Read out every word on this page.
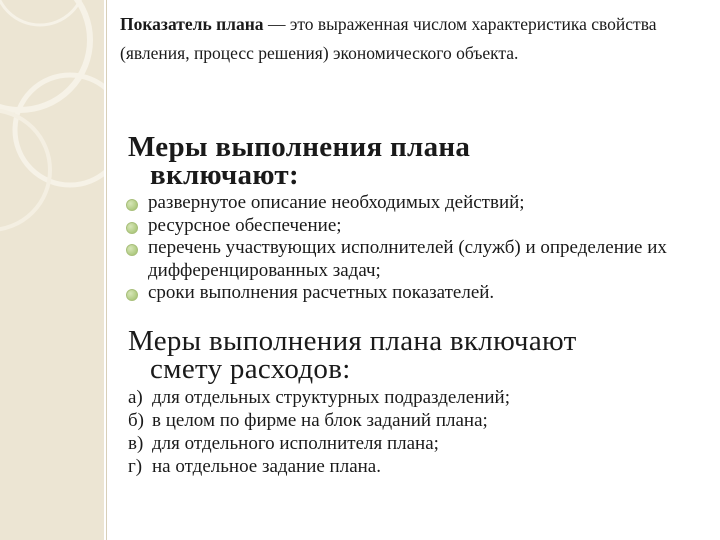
Показатель плана — это выраженная числом характеристика свойства (явления, процесс решения) экономического объекта.
Меры выполнения плана
включают:
развернутое описание необходимых действий;
ресурсное обеспечение;
перечень участвующих исполнителей (служб) и определение их дифференцированных задач;
сроки выполнения расчетных показателей.
Меры выполнения плана включают
смету расходов:
а) для отдельных структурных подразделений;
б) в целом по фирме на блок заданий плана;
в) для отдельного исполнителя плана;
г) на отдельное задание плана.
